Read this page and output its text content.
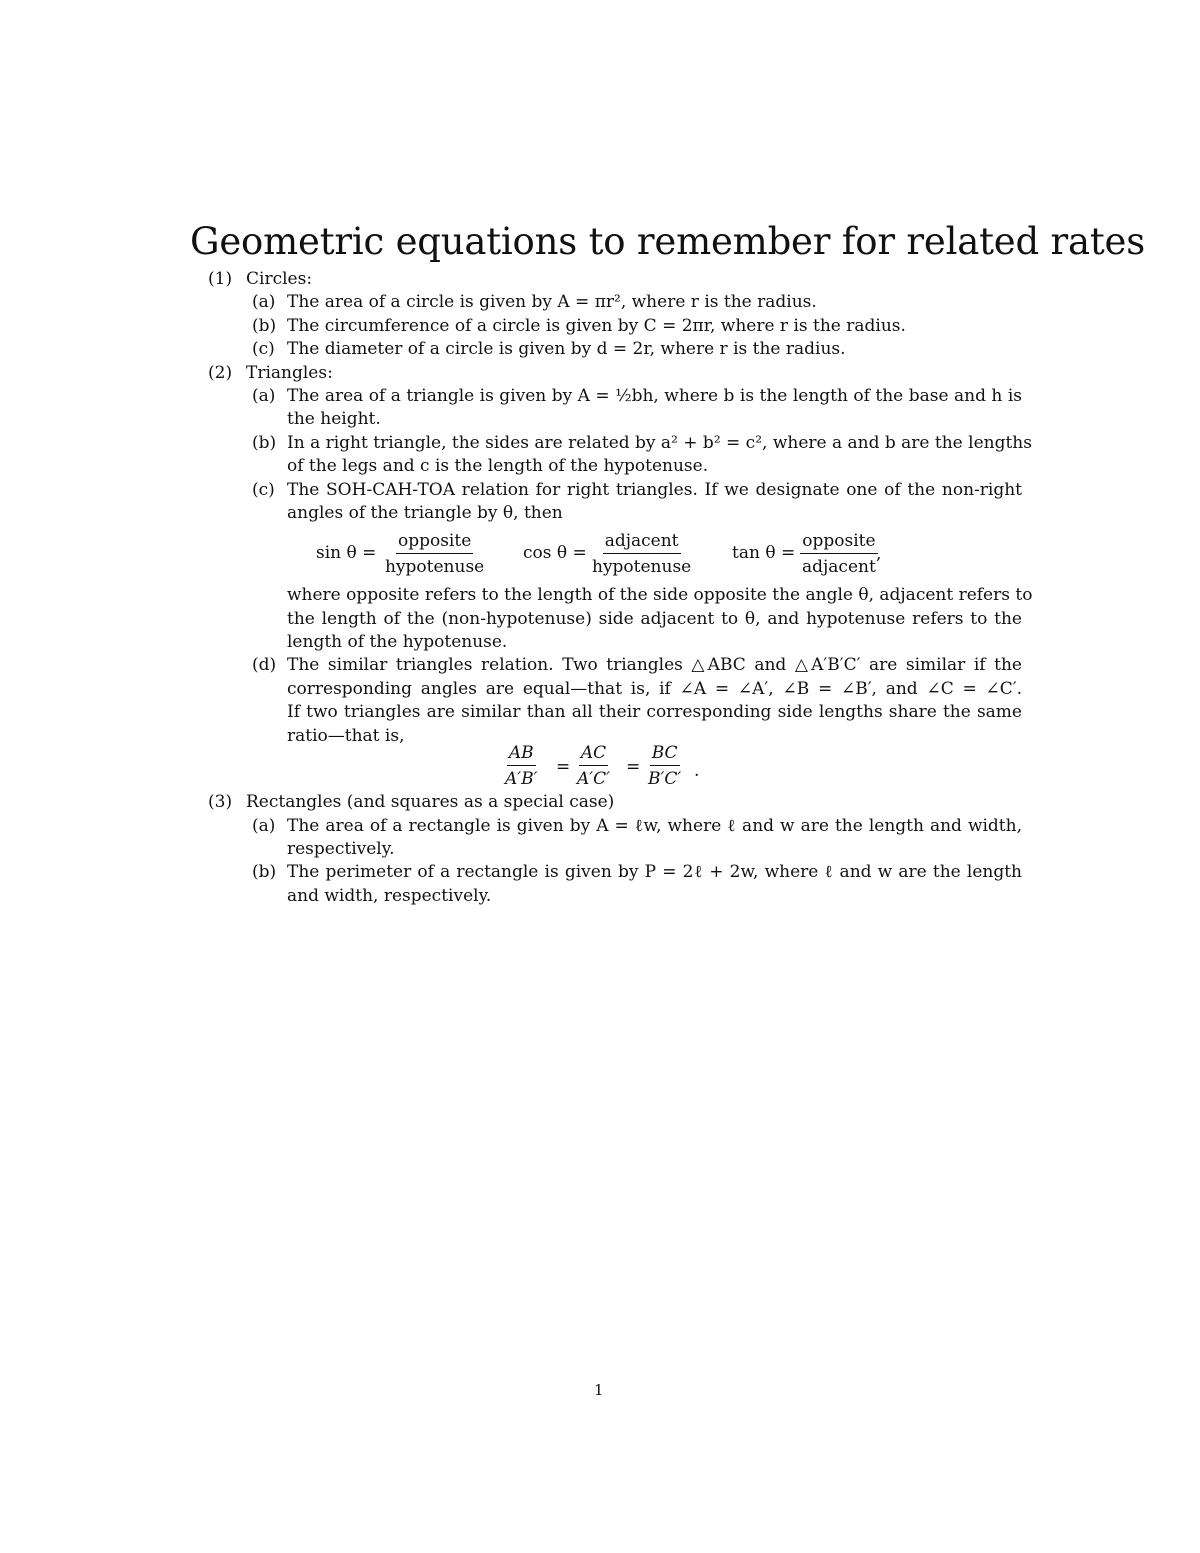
Geometric equations to remember for related rates
(1) Circles:
(a) The area of a circle is given by A = πr², where r is the radius.
(b) The circumference of a circle is given by C = 2πr, where r is the radius.
(c) The diameter of a circle is given by d = 2r, where r is the radius.
(2) Triangles:
(a) The area of a triangle is given by A = ½bh, where b is the length of the base and h is
the height.
(b) In a right triangle, the sides are related by a² + b² = c², where a and b are the lengths
of the legs and c is the length of the hypotenuse.
(c) The SOH-CAH-TOA relation for right triangles. If we designate one of the non-right
angles of the triangle by θ, then
sin θ =
opposite
hypotenuse
cos θ =
adjacent
hypotenuse
tan θ =
opposite
adjacent
,
where opposite refers to the length of the side opposite the angle θ, adjacent refers to
the length of the (non-hypotenuse) side adjacent to θ, and hypotenuse refers to the
length of the hypotenuse.
(d) The similar triangles relation. Two triangles △ABC and △A′B′C′ are similar if the
corresponding angles are equal—that is, if ∠A = ∠A′, ∠B = ∠B′, and ∠C = ∠C′.
If two triangles are similar than all their corresponding side lengths share the same
ratio—that is,
$\frac{AB}{A'B'} = \frac{AC}{A'C'} = \frac{BC}{B'C'}$ .
(3) Rectangles (and squares as a special case)
(a) The area of a rectangle is given by A = ℓw, where ℓ and w are the length and width,
respectively.
(b) The perimeter of a rectangle is given by P = 2ℓ + 2w, where ℓ and w are the length
and width, respectively.
1
